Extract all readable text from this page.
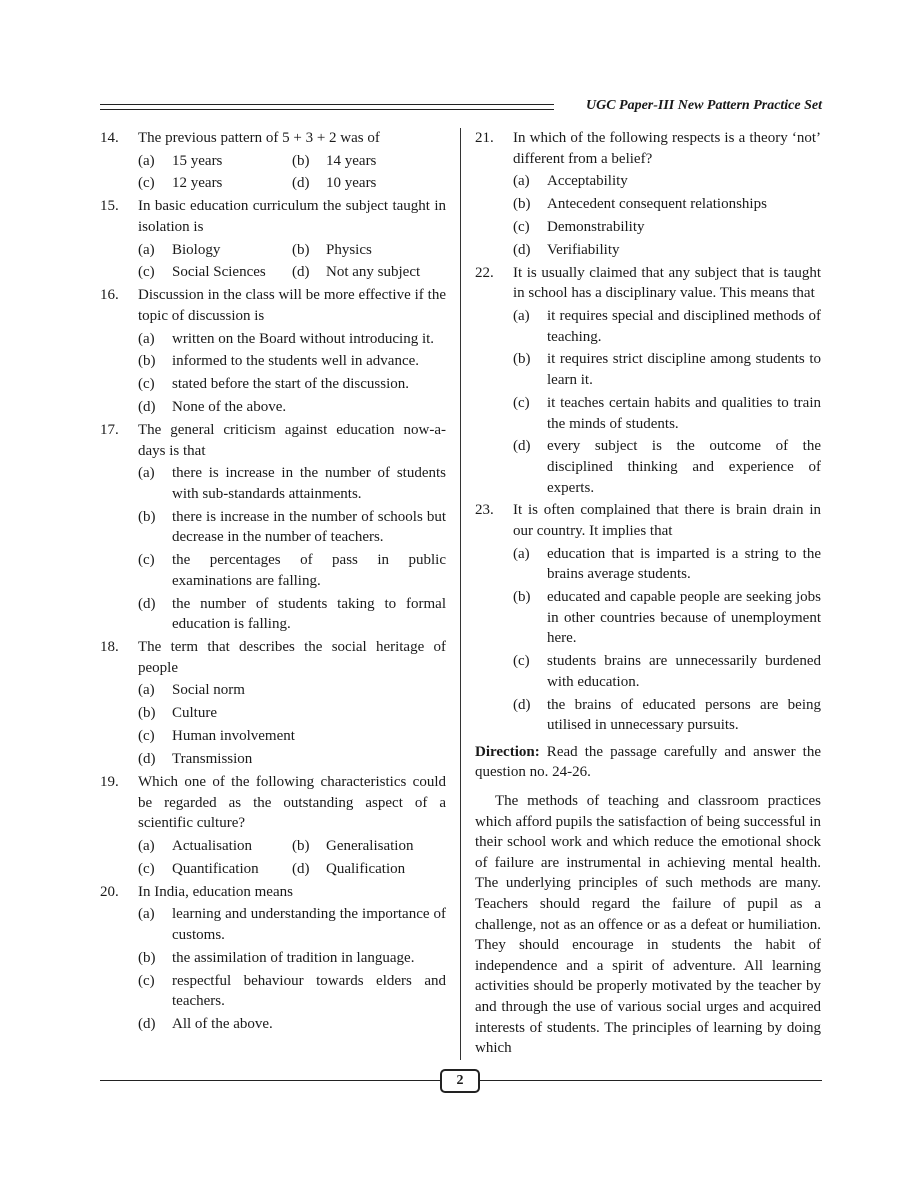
UGC Paper-III New Pattern Practice Set
14.	The previous pattern of 5 + 3 + 2 was of
(a)	15 years	(b)	14 years
(c)	12 years	(d)	10 years
15.	In basic education curriculum the subject taught in isolation is
(a)	Biology	(b)	Physics
(c)	Social Sciences (d)	Not any subject
16.	Discussion in the class will be more effective if the topic of discussion is
(a)	written on the Board without introducing it.
(b)	informed to the students well in advance.
(c)	stated before the start of the discussion.
(d)	None of the above.
17.	The general criticism against education now-a-days is that
(a)	there is increase in the number of students with sub-standards attainments.
(b)	there is increase in the number of schools but decrease in the number of teachers.
(c)	the percentages of pass in public examinations are falling.
(d)	the number of students taking to formal education is falling.
18.	The term that describes the social heritage of people
(a)	Social norm
(b)	Culture
(c)	Human involvement
(d)	Transmission
19.	Which one of the following characteristics could be regarded as the outstanding aspect of a scientific culture?
(a)	Actualisation	(b)	Generalisation
(c)	Quantification (d)	Qualification
20.	In India, education means
(a)	learning and understanding the importance of customs.
(b)	the assimilation of tradition in language.
(c)	respectful behaviour towards elders and teachers.
(d)	All of the above.
21.	In which of the following respects is a theory ‘not’ different from a belief?
(a)	Acceptability
(b)	Antecedent consequent relationships
(c)	Demonstrability
(d)	Verifiability
22.	It is usually claimed that any subject that is taught in school has a disciplinary value. This means that
(a)	it requires special and disciplined methods of teaching.
(b)	it requires strict discipline among students to learn it.
(c)	it teaches certain habits and qualities to train the minds of students.
(d)	every subject is the outcome of the disciplined thinking and experience of experts.
23.	It is often complained that there is brain drain in our country. It implies that
(a)	education that is imparted is a string to the brains average students.
(b)	educated and capable people are seeking jobs in other countries because of unemployment here.
(c)	students brains are unnecessarily burdened with education.
(d)	the brains of educated persons are being utilised in unnecessary pursuits.
Direction: Read the passage carefully and answer the question no. 24-26.
The methods of teaching and classroom practices which afford pupils the satisfaction of being successful in their school work and which reduce the emotional shock of failure are instrumental in achieving mental health. The underlying principles of such methods are many. Teachers should regard the failure of pupil as a challenge, not as an offence or as a defeat or humiliation. They should encourage in students the habit of independence and a spirit of adventure. All learning activities should be properly motivated by the teacher by and through the use of various social urges and acquired interests of students. The principles of learning by doing which
2
